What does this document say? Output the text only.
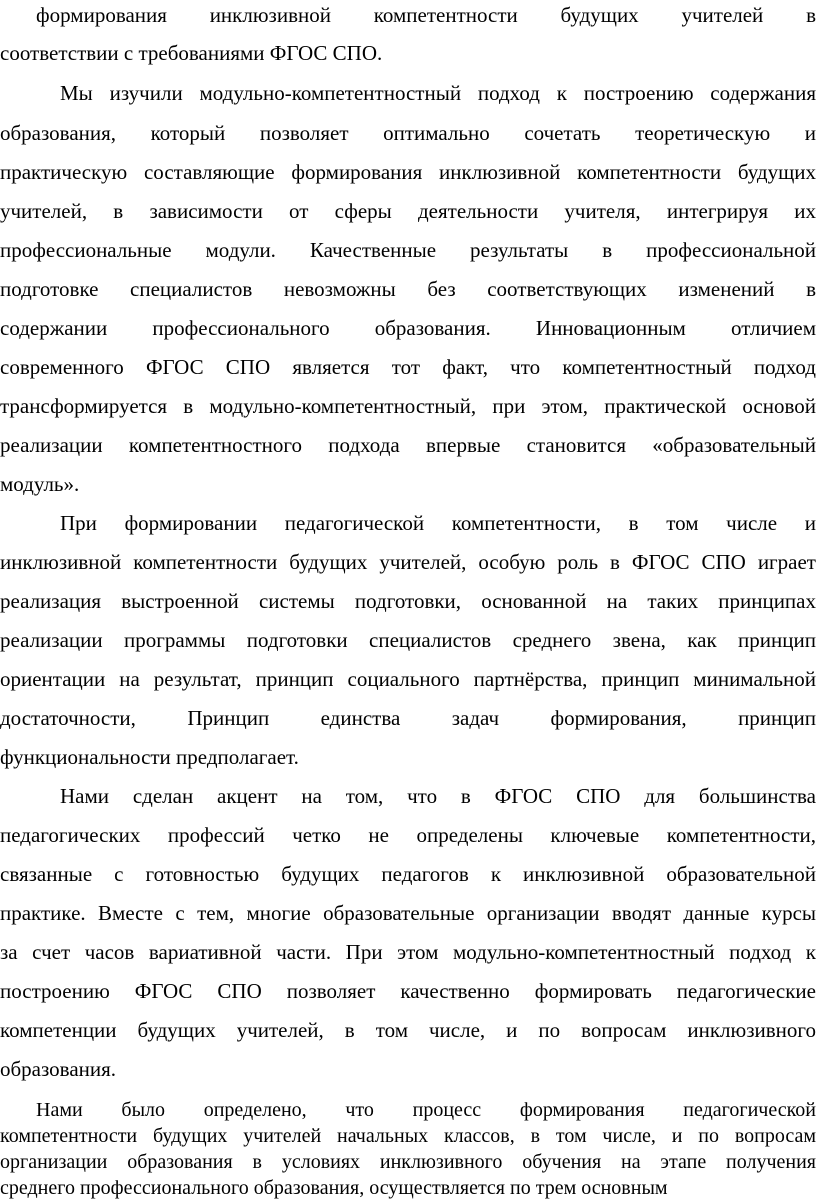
формирования инклюзивной компетентности будущих учителей в
соответствии с требованиями ФГОС СПО.
Мы изучили модульно-компетентностный подход к построению содержания
образования, который позволяет оптимально сочетать теоретическую и
практическую составляющие формирования инклюзивной компетентности будущих
учителей, в зависимости от сферы деятельности учителя, интегрируя их
профессиональные модули. Качественные результаты в профессиональной
подготовке специалистов невозможны без соответствующих изменений в
содержании профессионального образования. Инновационным отличием
современного ФГОС СПО является тот факт, что компетентностный подход
трансформируется в модульно-компетентностный, при этом, практической основой
реализации компетентностного подхода впервые становится «образовательный
модуль».
При формировании педагогической компетентности, в том числе и
инклюзивной компетентности будущих учителей, особую роль в ФГОС СПО играет
реализация выстроенной системы подготовки, основанной на таких принципах
реализации программы подготовки специалистов среднего звена, как принцип
ориентации на результат, принцип социального партнёрства, принцип минимальной
достаточности, Принцип единства задач формирования, принцип
функциональности предполагает.
Нами сделан акцент на том, что в ФГОС СПО для большинства
педагогических профессий четко не определены ключевые компетентности,
связанные с готовностью будущих педагогов к инклюзивной образовательной
практике. Вместе с тем, многие образовательные организации вводят данные курсы
за счет часов вариативной части. При этом модульно-компетентностный подход к
построению ФГОС СПО позволяет качественно формировать педагогические
компетенции будущих учителей, в том числе, и по вопросам инклюзивного
образования.
Нами было определено, что процесс формирования педагогической
компетентности будущих учителей начальных классов, в том числе, и по вопросам
организации образования в условиях инклюзивного обучения на этапе получения
среднего профессионального образования, осуществляется по трем основным
